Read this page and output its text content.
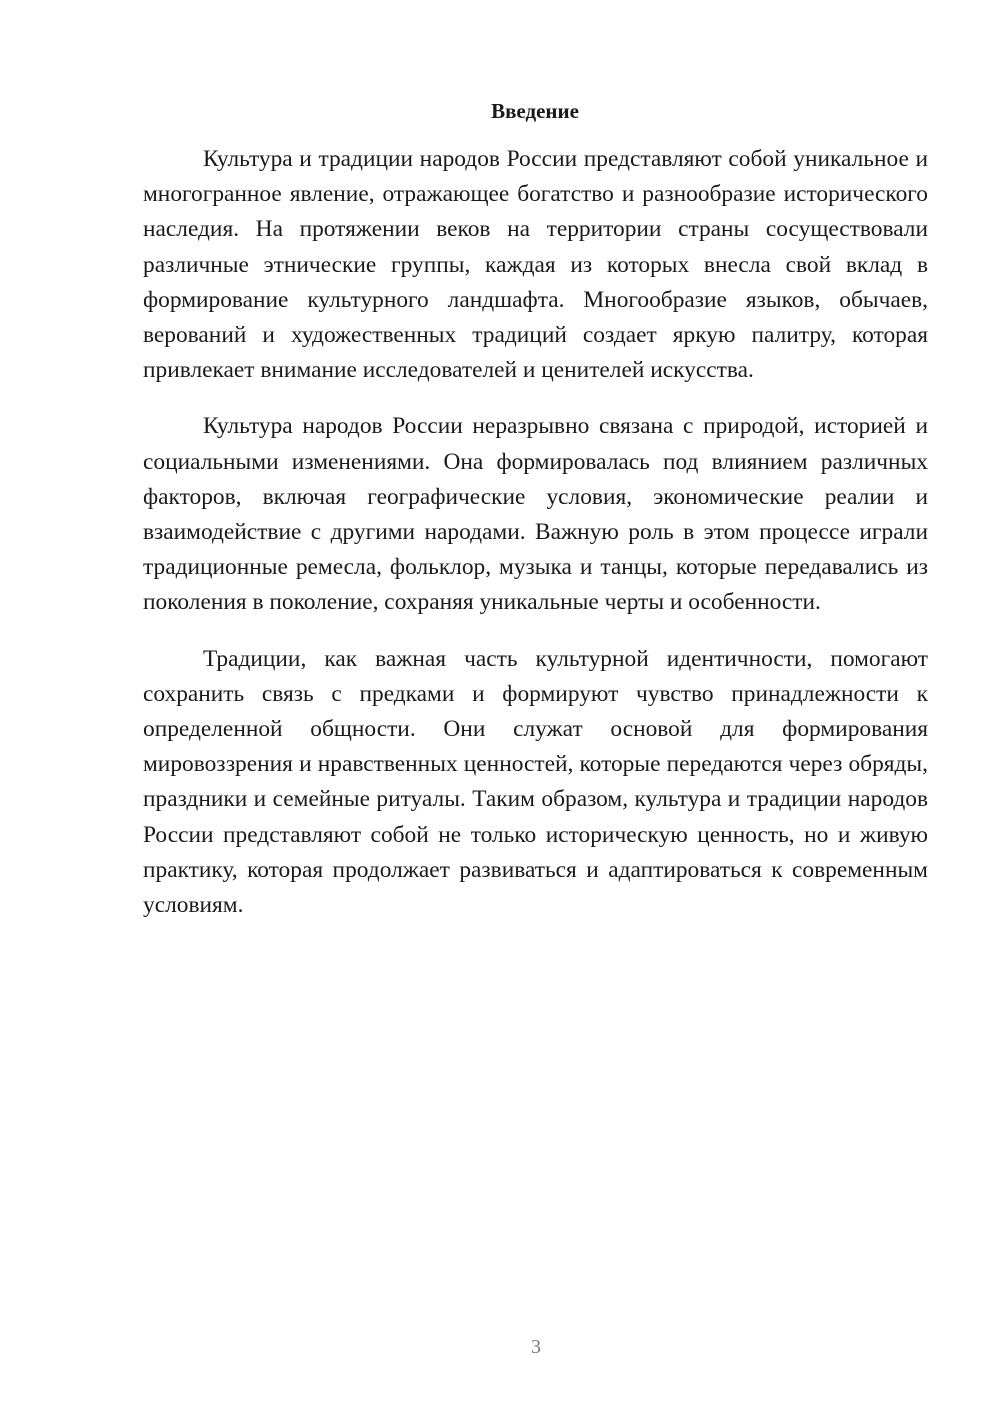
Введение

Культура и традиции народов России представляют собой уникальное и многогранное явление, отражающее богатство и разнообразие исторического наследия. На протяжении веков на территории страны сосуществовали различные этнические группы, каждая из которых внесла свой вклад в формирование культурного ландшафта. Многообразие языков, обычаев, верований и художественных традиций создает яркую палитру, которая привлекает внимание исследователей и ценителей искусства.

Культура народов России неразрывно связана с природой, историей и социальными изменениями. Она формировалась под влиянием различных факторов, включая географические условия, экономические реалии и взаимодействие с другими народами. Важную роль в этом процессе играли традиционные ремесла, фольклор, музыка и танцы, которые передавались из поколения в поколение, сохраняя уникальные черты и особенности.

Традиции, как важная часть культурной идентичности, помогают сохранить связь с предками и формируют чувство принадлежности к определенной общности. Они служат основой для формирования мировоззрения и нравственных ценностей, которые передаются через обряды, праздники и семейные ритуалы. Таким образом, культура и традиции народов России представляют собой не только историческую ценность, но и живую практику, которая продолжает развиваться и адаптироваться к современным условиям.

3
